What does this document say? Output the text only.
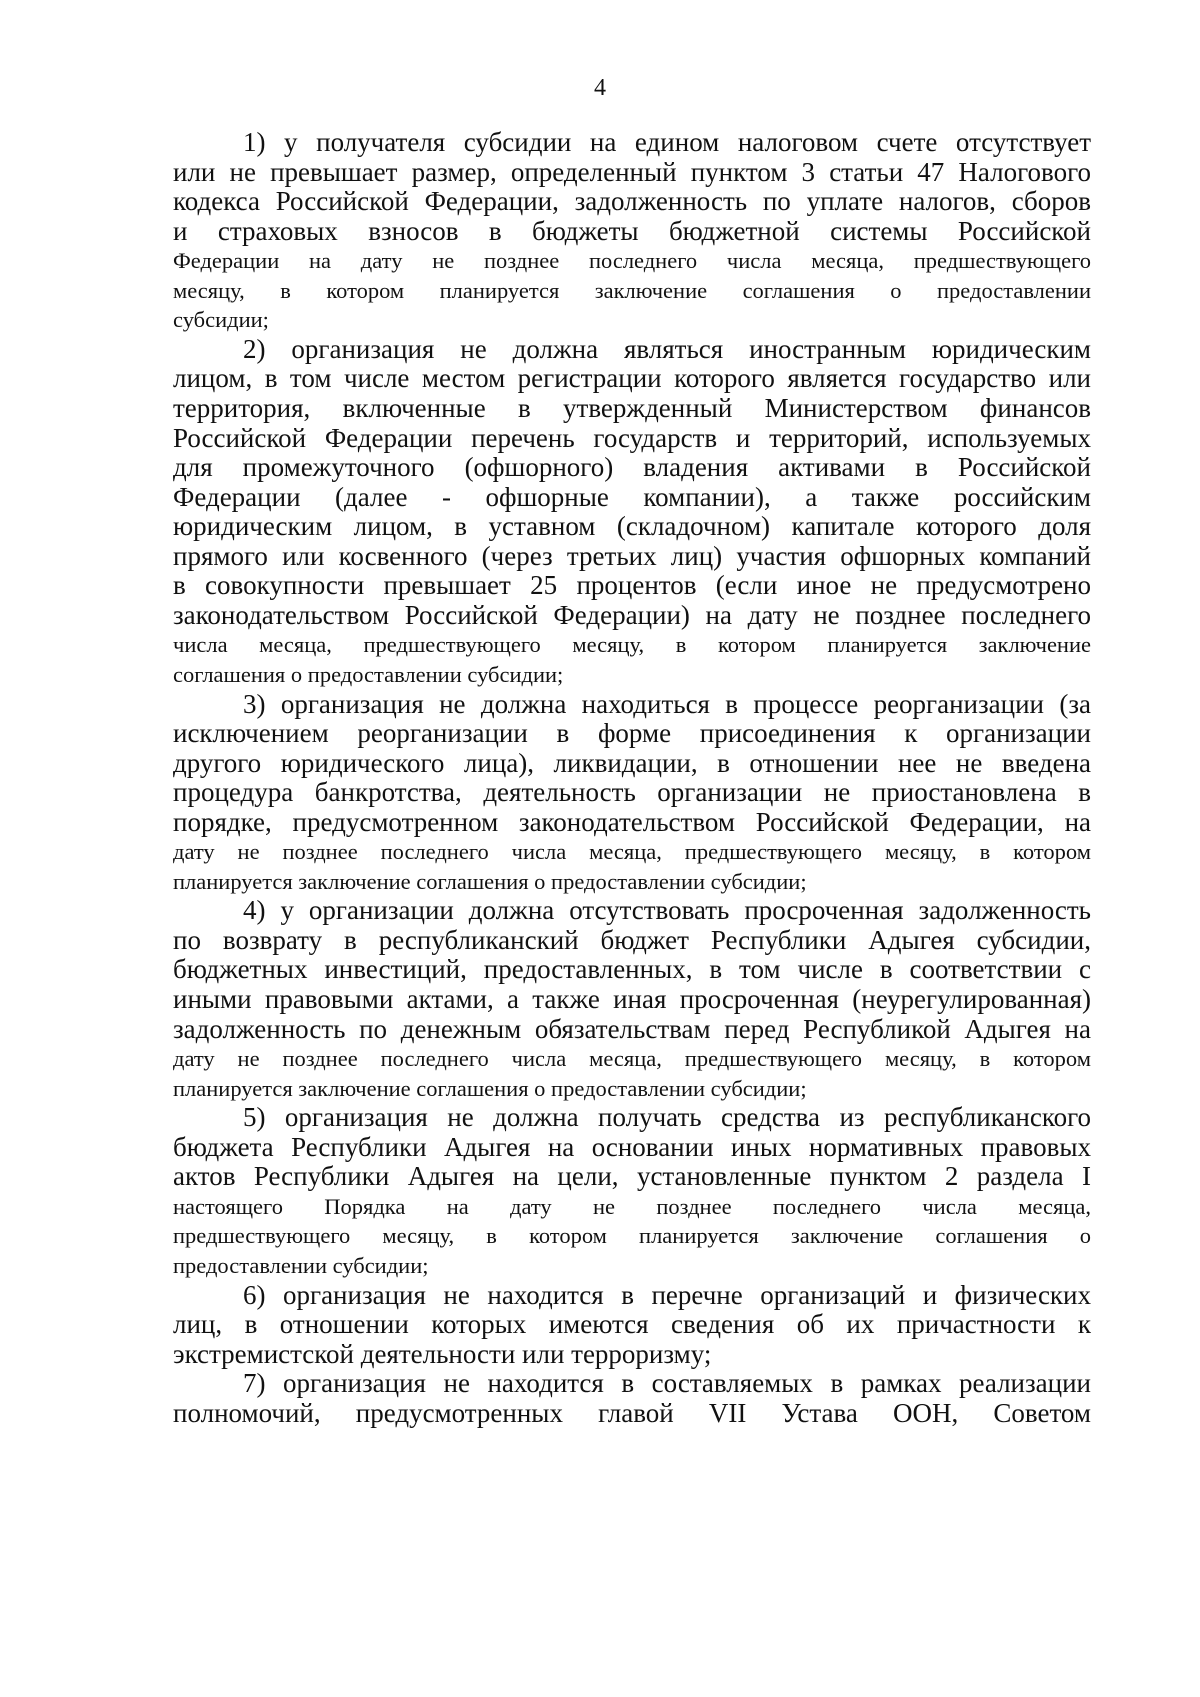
4
1) у получателя субсидии на едином налоговом счете отсутствует
или не превышает размер, определенный пунктом 3 статьи 47 Налогового
кодекса Российской Федерации, задолженность по уплате налогов, сборов
и страховых взносов в бюджеты бюджетной системы Российской
Федерации на дату не позднее последнего числа месяца, предшествующего
месяцу, в котором планируется заключение соглашения о предоставлении
субсидии;
2) организация не должна являться иностранным юридическим
лицом, в том числе местом регистрации которого является государство или
территория, включенные в утвержденный Министерством финансов
Российской Федерации перечень государств и территорий, используемых
для промежуточного (офшорного) владения активами в Российской
Федерации (далее - офшорные компании), а также российским
юридическим лицом, в уставном (складочном) капитале которого доля
прямого или косвенного (через третьих лиц) участия офшорных компаний
в совокупности превышает 25 процентов (если иное не предусмотрено
законодательством Российской Федерации) на дату не позднее последнего
числа месяца, предшествующего месяцу, в котором планируется заключение
соглашения о предоставлении субсидии;
3) организация не должна находиться в процессе реорганизации (за
исключением реорганизации в форме присоединения к организации
другого юридического лица), ликвидации, в отношении нее не введена
процедура банкротства, деятельность организации не приостановлена в
порядке, предусмотренном законодательством Российской Федерации, на
дату не позднее последнего числа месяца, предшествующего месяцу, в котором
планируется заключение соглашения о предоставлении субсидии;
4) у организации должна отсутствовать просроченная задолженность
по возврату в республиканский бюджет Республики Адыгея субсидии,
бюджетных инвестиций, предоставленных, в том числе в соответствии с
иными правовыми актами, а также иная просроченная (неурегулированная)
задолженность по денежным обязательствам перед Республикой Адыгея на
дату не позднее последнего числа месяца, предшествующего месяцу, в котором
планируется заключение соглашения о предоставлении субсидии;
5) организация не должна получать средства из республиканского
бюджета Республики Адыгея на основании иных нормативных правовых
актов Республики Адыгея на цели, установленные пунктом 2 раздела I
настоящего Порядка на дату не позднее последнего числа месяца,
предшествующего месяцу, в котором планируется заключение соглашения о
предоставлении субсидии;
6) организация не находится в перечне организаций и физических
лиц, в отношении которых имеются сведения об их причастности к
экстремистской деятельности или терроризму;
7) организация не находится в составляемых в рамках реализации
полномочий, предусмотренных главой VII Устава ООН, Советом
